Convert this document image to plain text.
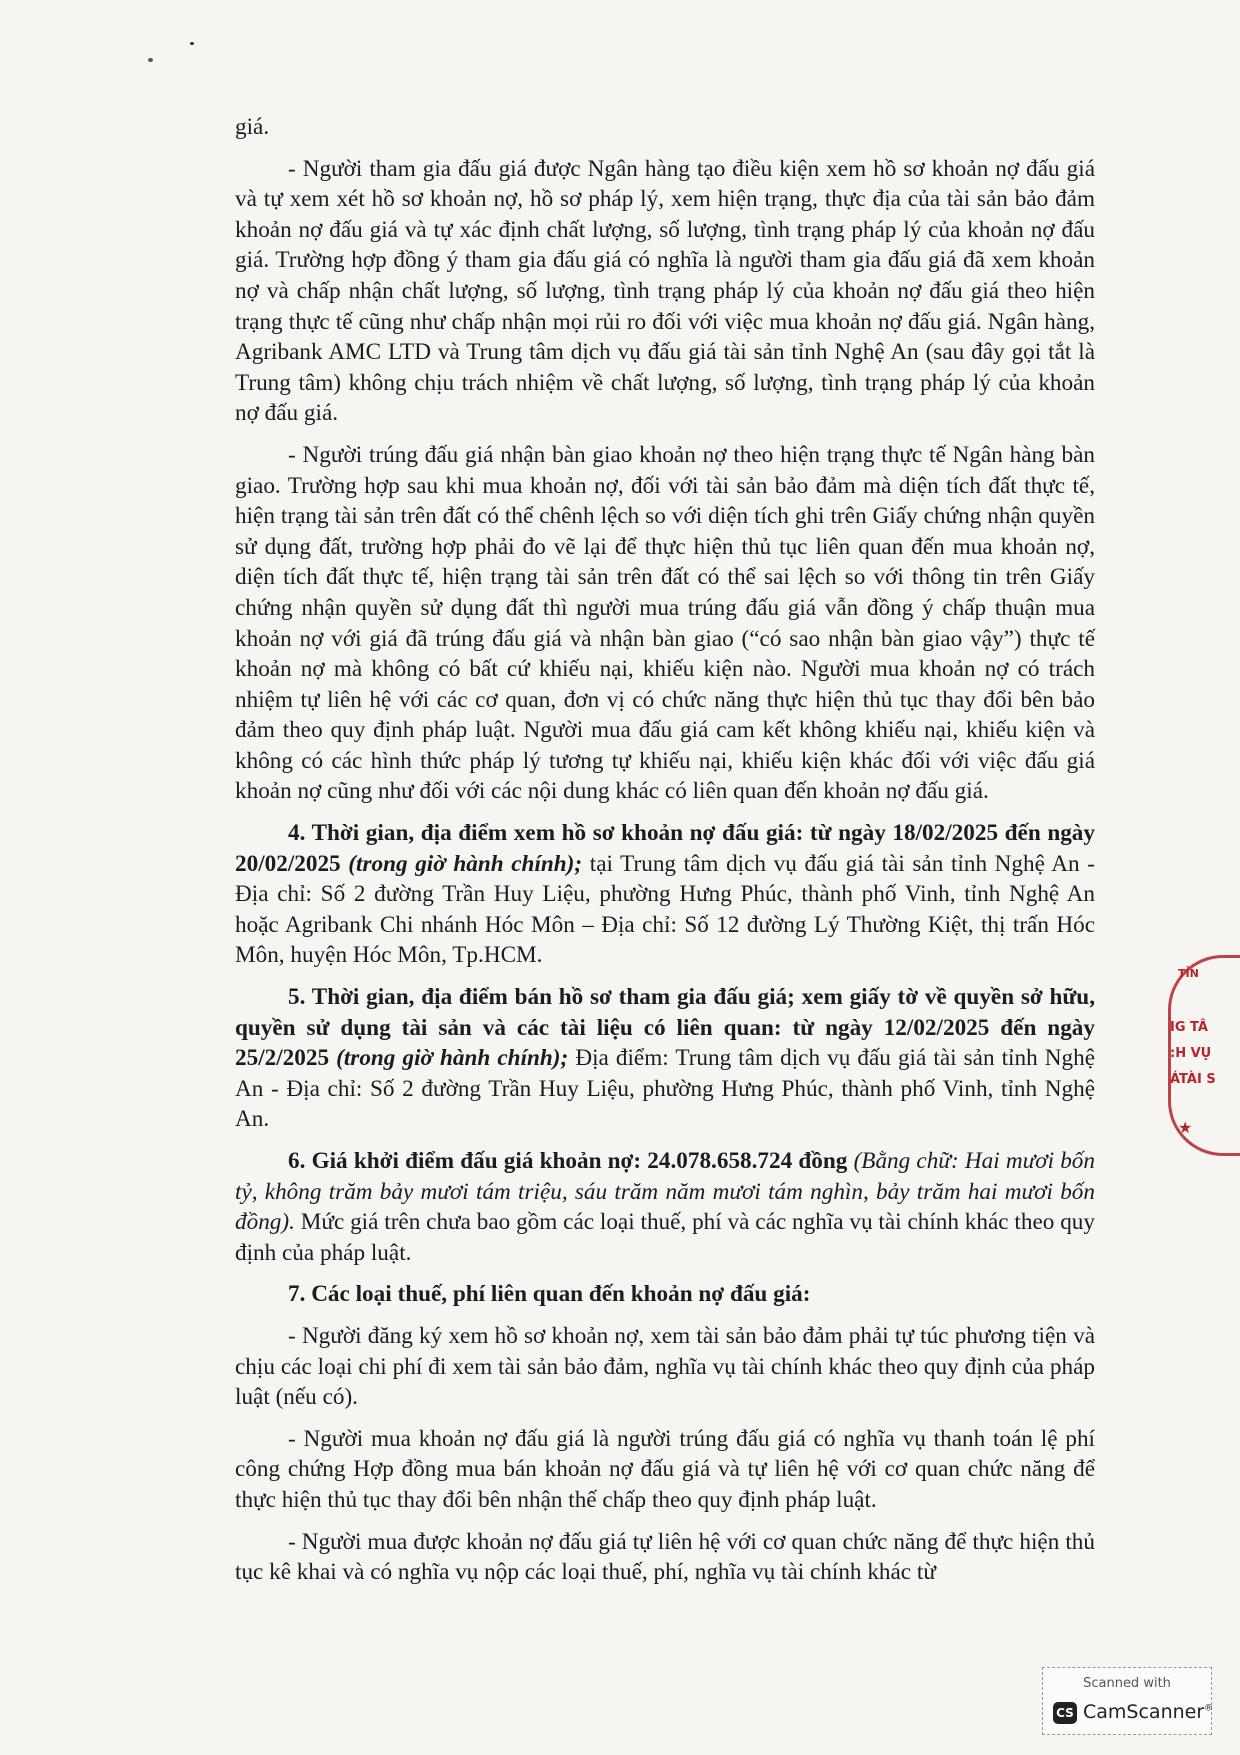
giá.

- Người tham gia đấu giá được Ngân hàng tạo điều kiện xem hồ sơ khoản nợ đấu giá và tự xem xét hồ sơ khoản nợ, hồ sơ pháp lý, xem hiện trạng, thực địa của tài sản bảo đảm khoản nợ đấu giá và tự xác định chất lượng, số lượng, tình trạng pháp lý của khoản nợ đấu giá. Trường hợp đồng ý tham gia đấu giá có nghĩa là người tham gia đấu giá đã xem khoản nợ và chấp nhận chất lượng, số lượng, tình trạng pháp lý của khoản nợ đấu giá theo hiện trạng thực tế cũng như chấp nhận mọi rủi ro đối với việc mua khoản nợ đấu giá. Ngân hàng, Agribank AMC LTD và Trung tâm dịch vụ đấu giá tài sản tỉnh Nghệ An (sau đây gọi tắt là Trung tâm) không chịu trách nhiệm về chất lượng, số lượng, tình trạng pháp lý của khoản nợ đấu giá.

- Người trúng đấu giá nhận bàn giao khoản nợ theo hiện trạng thực tế Ngân hàng bàn giao. Trường hợp sau khi mua khoản nợ, đối với tài sản bảo đảm mà diện tích đất thực tế, hiện trạng tài sản trên đất có thể chênh lệch so với diện tích ghi trên Giấy chứng nhận quyền sử dụng đất, trường hợp phải đo vẽ lại để thực hiện thủ tục liên quan đến mua khoản nợ, diện tích đất thực tế, hiện trạng tài sản trên đất có thể sai lệch so với thông tin trên Giấy chứng nhận quyền sử dụng đất thì người mua trúng đấu giá vẫn đồng ý chấp thuận mua khoản nợ với giá đã trúng đấu giá và nhận bàn giao (“có sao nhận bàn giao vậy”) thực tế khoản nợ mà không có bất cứ khiếu nại, khiếu kiện nào. Người mua khoản nợ có trách nhiệm tự liên hệ với các cơ quan, đơn vị có chức năng thực hiện thủ tục thay đổi bên bảo đảm theo quy định pháp luật. Người mua đấu giá cam kết không khiếu nại, khiếu kiện và không có các hình thức pháp lý tương tự khiếu nại, khiếu kiện khác đối với việc đấu giá khoản nợ cũng như đối với các nội dung khác có liên quan đến khoản nợ đấu giá.

4. Thời gian, địa điểm xem hồ sơ khoản nợ đấu giá: từ ngày 18/02/2025 đến ngày 20/02/2025 (trong giờ hành chính); tại Trung tâm dịch vụ đấu giá tài sản tỉnh Nghệ An - Địa chỉ: Số 2 đường Trần Huy Liệu, phường Hưng Phúc, thành phố Vinh, tỉnh Nghệ An hoặc Agribank Chi nhánh Hóc Môn – Địa chỉ: Số 12 đường Lý Thường Kiệt, thị trấn Hóc Môn, huyện Hóc Môn, Tp.HCM.

5. Thời gian, địa điểm bán hồ sơ tham gia đấu giá; xem giấy tờ về quyền sở hữu, quyền sử dụng tài sản và các tài liệu có liên quan: từ ngày 12/02/2025 đến ngày 25/2/2025 (trong giờ hành chính); Địa điểm: Trung tâm dịch vụ đấu giá tài sản tỉnh Nghệ An - Địa chỉ: Số 2 đường Trần Huy Liệu, phường Hưng Phúc, thành phố Vinh, tỉnh Nghệ An.

6. Giá khởi điểm đấu giá khoản nợ: 24.078.658.724 đồng (Bằng chữ: Hai mươi bốn tỷ, không trăm bảy mươi tám triệu, sáu trăm năm mươi tám nghìn, bảy trăm hai mươi bốn đồng). Mức giá trên chưa bao gồm các loại thuế, phí và các nghĩa vụ tài chính khác theo quy định của pháp luật.

7. Các loại thuế, phí liên quan đến khoản nợ đấu giá:

- Người đăng ký xem hồ sơ khoản nợ, xem tài sản bảo đảm phải tự túc phương tiện và chịu các loại chi phí đi xem tài sản bảo đảm, nghĩa vụ tài chính khác theo quy định của pháp luật (nếu có).

- Người mua khoản nợ đấu giá là người trúng đấu giá có nghĩa vụ thanh toán lệ phí công chứng Hợp đồng mua bán khoản nợ đấu giá và tự liên hệ với cơ quan chức năng để thực hiện thủ tục thay đổi bên nhận thế chấp theo quy định pháp luật.

- Người mua được khoản nợ đấu giá tự liên hệ với cơ quan chức năng để thực hiện thủ tục kê khai và có nghĩa vụ nộp các loại thuế, phí, nghĩa vụ tài chính khác từ

TỈN
IG TÂ
:H VỤ
ÁTÀI S
★
Scanned with
CS CamScanner®
